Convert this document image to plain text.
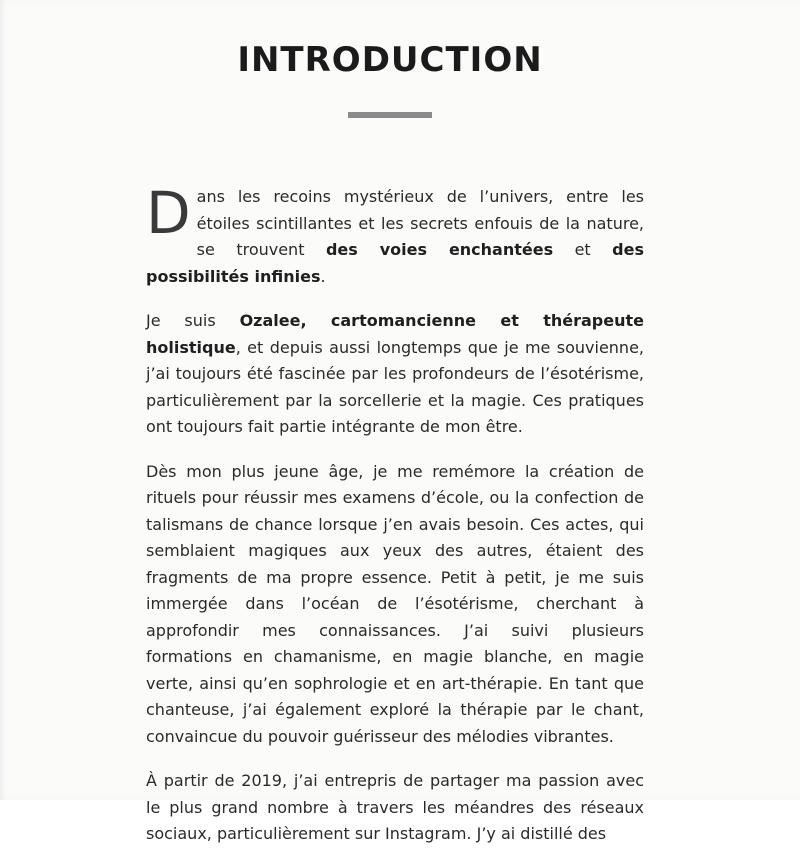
INTRODUCTION

Dans les recoins mystérieux de l’univers, entre les étoiles scintillantes et les secrets enfouis de la nature, se trouvent des voies enchantées et des possibilités infinies.

Je suis Ozalee, cartomancienne et thérapeute holistique, et depuis aussi longtemps que je me souvienne, j’ai toujours été fascinée par les profondeurs de l’ésotérisme, particulièrement par la sorcellerie et la magie. Ces pratiques ont toujours fait partie intégrante de mon être.

Dès mon plus jeune âge, je me remémore la création de rituels pour réussir mes examens d’école, ou la confection de talismans de chance lorsque j’en avais besoin. Ces actes, qui semblaient magiques aux yeux des autres, étaient des fragments de ma propre essence. Petit à petit, je me suis immergée dans l’océan de l’ésotérisme, cherchant à approfondir mes connaissances. J’ai suivi plusieurs formations en chamanisme, en magie blanche, en magie verte, ainsi qu’en sophrologie et en art-thérapie. En tant que chanteuse, j’ai également exploré la thérapie par le chant, convaincue du pouvoir guérisseur des mélodies vibrantes.

À partir de 2019, j’ai entrepris de partager ma passion avec le plus grand nombre à travers les méandres des réseaux sociaux, particulièrement sur Instagram. J’y ai distillé des
